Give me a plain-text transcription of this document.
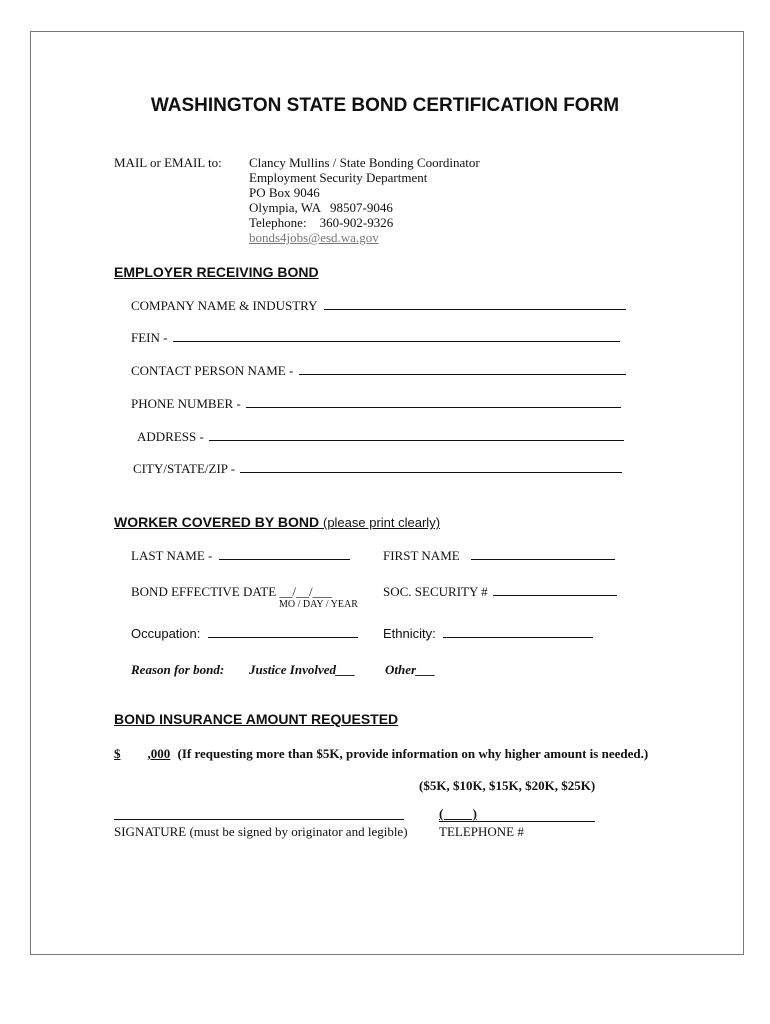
WASHINGTON STATE BOND CERTIFICATION FORM
MAIL or EMAIL to: Clancy Mullins / State Bonding Coordinator
Employment Security Department
PO Box 9046
Olympia, WA   98507-9046
Telephone:    360-902-9326
bonds4jobs@esd.wa.gov
EMPLOYER RECEIVING BOND
COMPANY NAME & INDUSTRY
FEIN -
CONTACT PERSON NAME -
PHONE NUMBER -
ADDRESS -
CITY/STATE/ZIP -
WORKER COVERED BY BOND (please print clearly)
LAST NAME -	FIRST NAME
BOND EFFECTIVE DATE __/__/___
MO / DAY / YEAR
SOC. SECURITY #
Occupation:	Ethnicity:
Reason for bond: Justice Involved___ Other___
BOND INSURANCE AMOUNT REQUESTED
$ ,000 (If requesting more than $5K, provide information on why higher amount is needed.)
($5K, $10K, $15K, $20K, $25K)
SIGNATURE (must be signed by originator and legible)
(         )
TELEPHONE #
